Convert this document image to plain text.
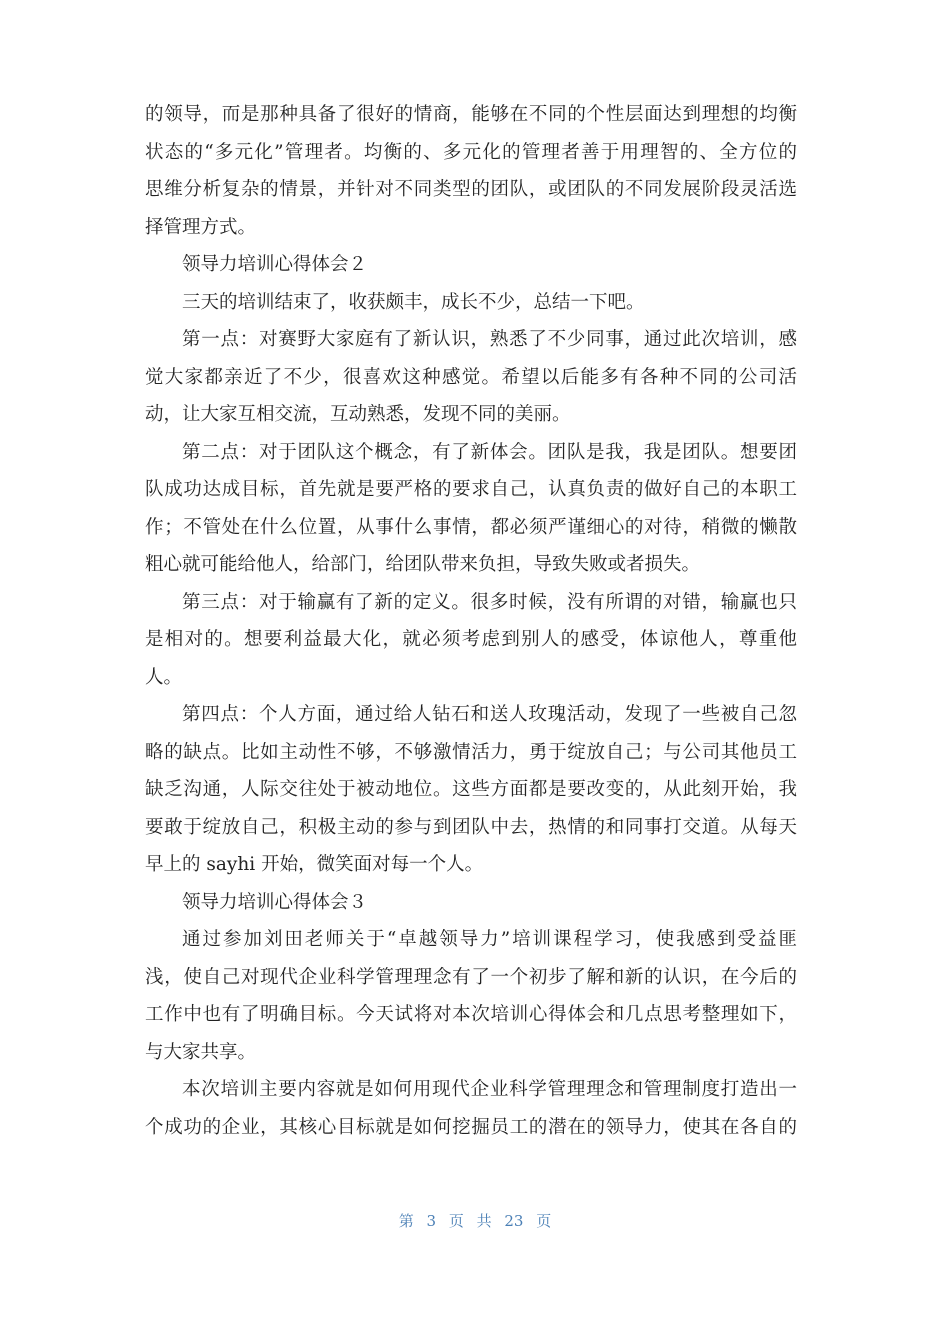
的领导，而是那种具备了很好的情商，能够在不同的个性层面达到理想的均衡
状态的“多元化”管理者。均衡的、多元化的管理者善于用理智的、全方位的
思维分析复杂的情景，并针对不同类型的团队，或团队的不同发展阶段灵活选
择管理方式。
领导力培训心得体会２
三天的培训结束了，收获颇丰，成长不少，总结一下吧。
第一点：对赛野大家庭有了新认识，熟悉了不少同事，通过此次培训，感
觉大家都亲近了不少，很喜欢这种感觉。希望以后能多有各种不同的公司活
动，让大家互相交流，互动熟悉，发现不同的美丽。
第二点：对于团队这个概念，有了新体会。团队是我，我是团队。想要团
队成功达成目标，首先就是要严格的要求自己，认真负责的做好自己的本职工
作；不管处在什么位置，从事什么事情，都必须严谨细心的对待，稍微的懒散
粗心就可能给他人，给部门，给团队带来负担，导致失败或者损失。
第三点：对于输赢有了新的定义。很多时候，没有所谓的对错，输赢也只
是相对的。想要利益最大化，就必须考虑到别人的感受，体谅他人，尊重他
人。
第四点：个人方面，通过给人钻石和送人玫瑰活动，发现了一些被自己忽
略的缺点。比如主动性不够，不够激情活力，勇于绽放自己；与公司其他员工
缺乏沟通，人际交往处于被动地位。这些方面都是要改变的，从此刻开始，我
要敢于绽放自己，积极主动的参与到团队中去，热情的和同事打交道。从每天
早上的 sayhi 开始，微笑面对每一个人。
领导力培训心得体会３
通过参加刘田老师关于“卓越领导力”培训课程学习，使我感到受益匪
浅，使自己对现代企业科学管理理念有了一个初步了解和新的认识，在今后的
工作中也有了明确目标。今天试将对本次培训心得体会和几点思考整理如下，
与大家共享。
本次培训主要内容就是如何用现代企业科学管理理念和管理制度打造出一
个成功的企业，其核心目标就是如何挖掘员工的潜在的领导力，使其在各自的
第 3 页 共 23 页
